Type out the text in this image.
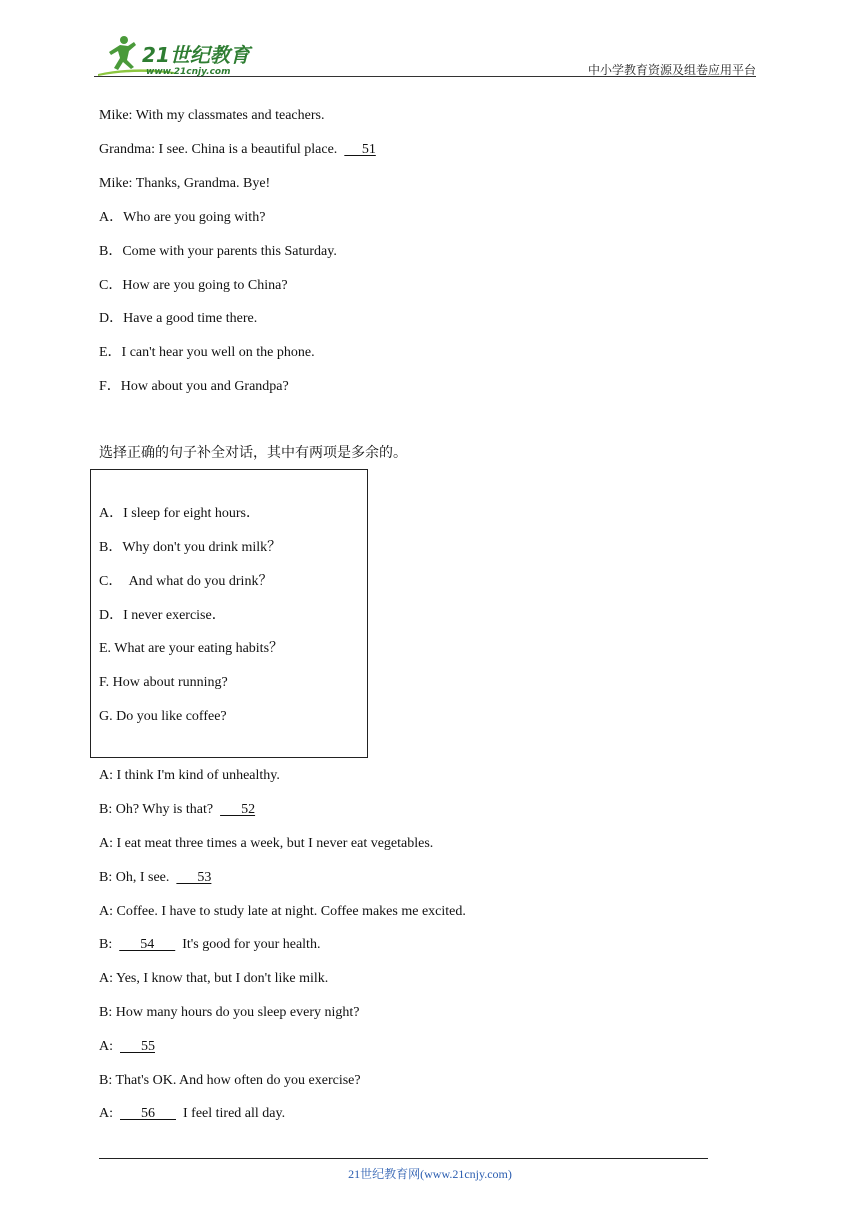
21世纪教育
www.21cnjy.com	中小学教育资源及组卷应用平台
Mike: With my classmates and teachers.
Grandma: I see. China is a beautiful place.       51
Mike: Thanks, Grandma. Bye!
A．Who are you going with?
B．Come with your parents this Saturday.
C．How are you going to China?
D．Have a good time there.
E．I can't hear you well on the phone.
F．How about you and Grandpa?
选择正确的句子补全对话，其中有两项是多余的。
A．I sleep for eight hours．
B．Why don't you drink milk？
C．  And what do you drink？
D．I never exercise．
E. What are your eating habits？
F. How about running?
G. Do you like coffee?
A: I think I'm kind of unhealthy.
B: Oh? Why is that?        52
A: I eat meat three times a week, but I never eat vegetables.
B: Oh, I see.        53
A: Coffee. I have to study late at night. Coffee makes me excited.
B:        54        It's good for your health.
A: Yes, I know that, but I don't like milk.
B: How many hours do you sleep every night?
A:        55
B: That's OK. And how often do you exercise?
A:        56        I feel tired all day.
21世纪教育网(www.21cnjy.com)
